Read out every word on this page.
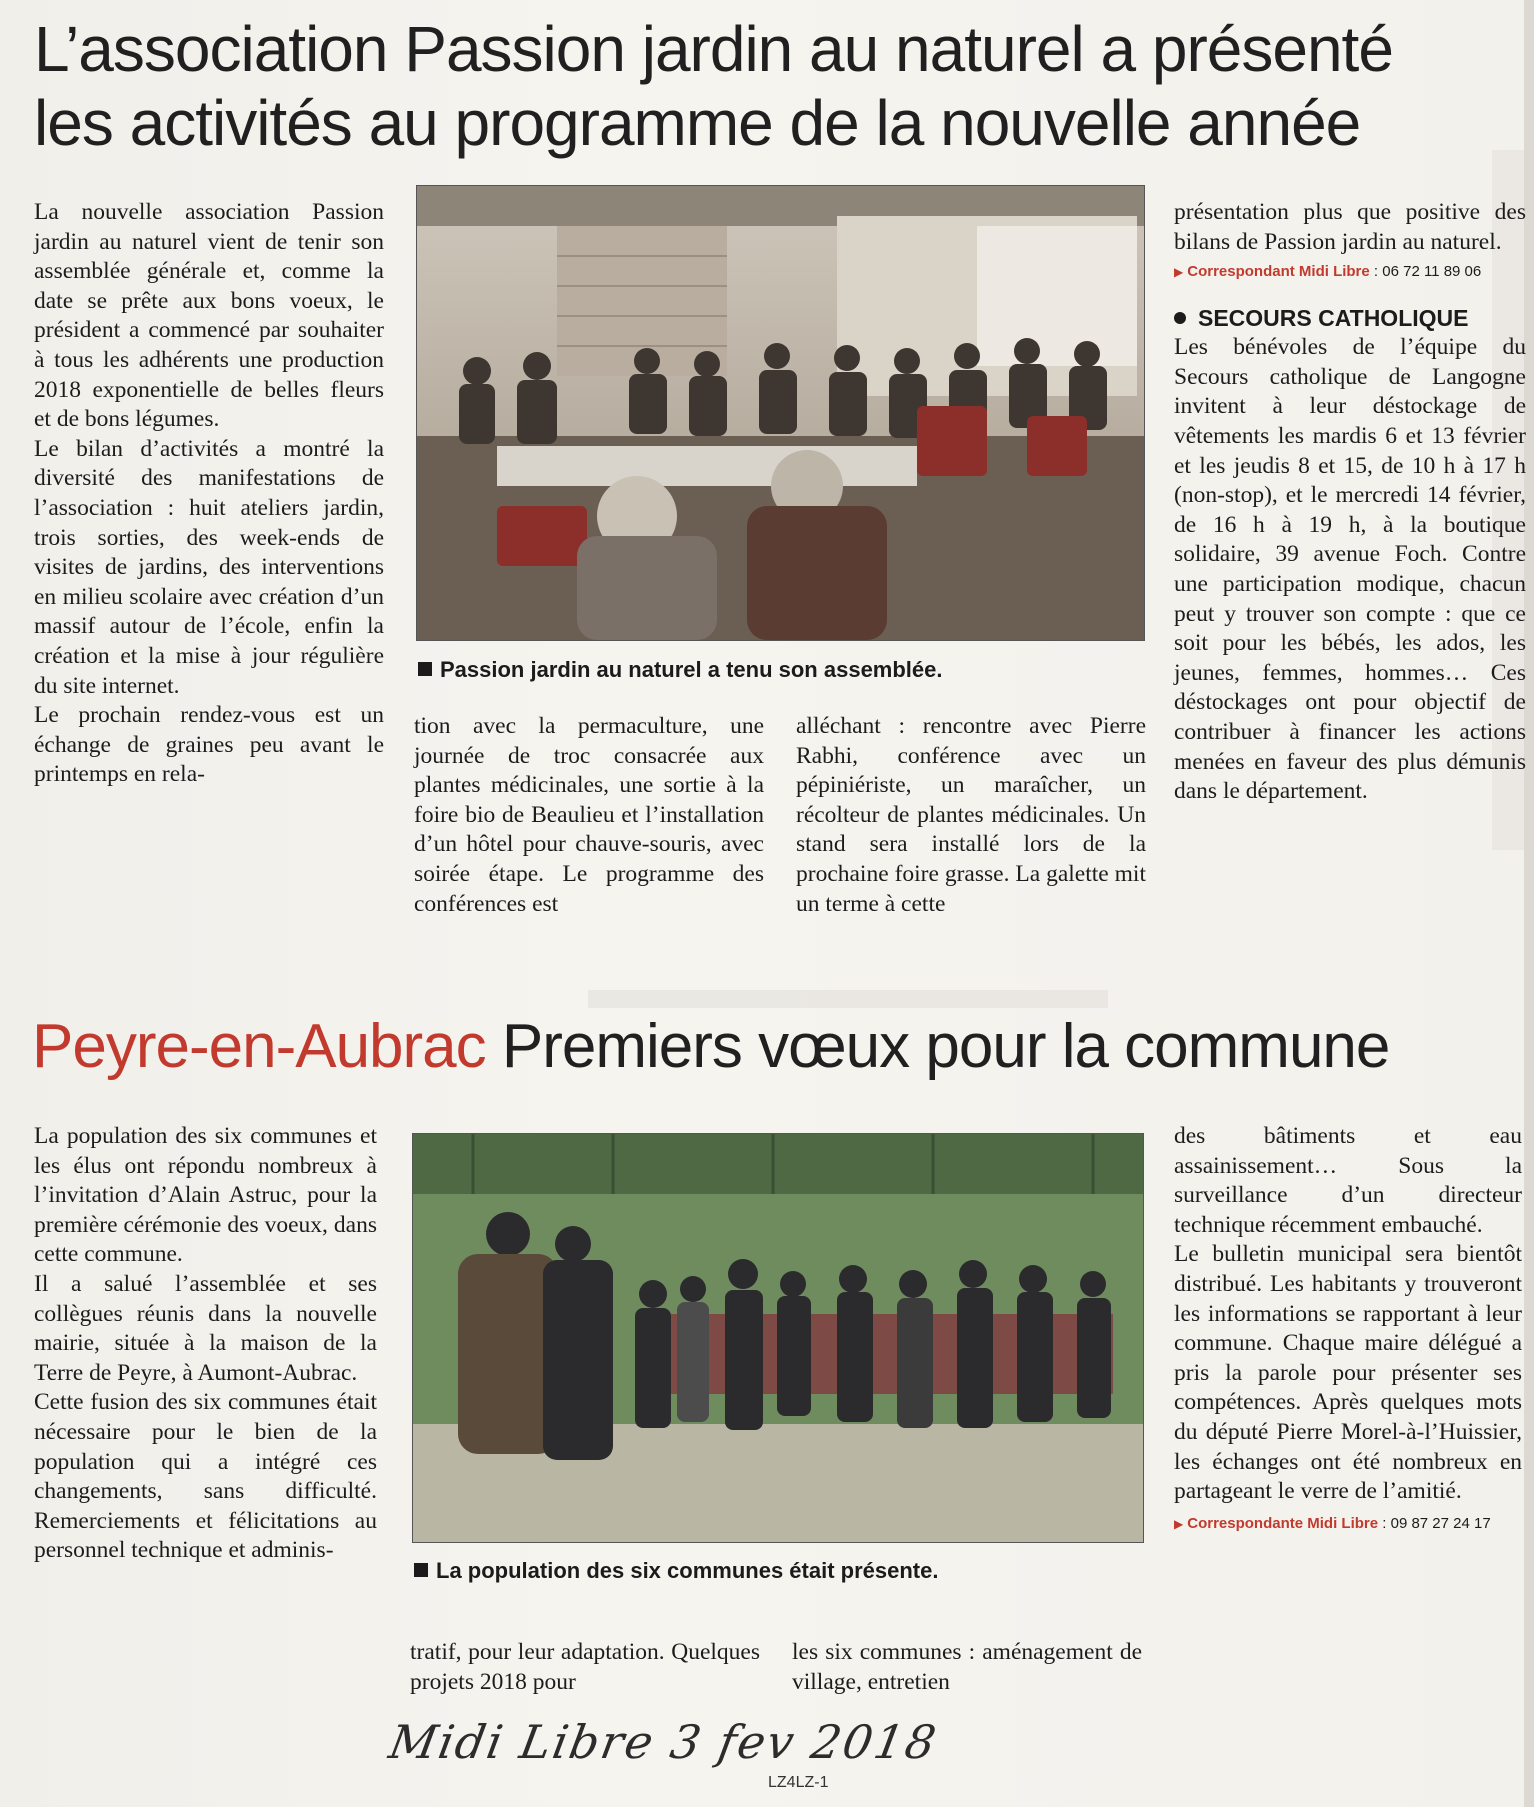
L’association Passion jardin au naturel a présenté
les activités au programme de la nouvelle année

La nouvelle association Passion jardin au naturel vient de tenir son assemblée générale et, comme la date se prête aux bons voeux, le président a commencé par souhaiter à tous les adhérents une production 2018 exponentielle de belles fleurs et de bons légumes.

Le bilan d’activités a montré la diversité des manifestations de l’association : huit ateliers jardin, trois sorties, des week-ends de visites de jardins, des interventions en milieu scolaire avec création d’un massif autour de l’école, enfin la création et la mise à jour régulière du site internet.

Le prochain rendez-vous est un échange de graines peu avant le printemps en rela-

Passion jardin au naturel a tenu son assemblée.

tion avec la permaculture, une journée de troc consacrée aux plantes médicinales, une sortie à la foire bio de Beaulieu et l’installation d’un hôtel pour chauve-souris, avec soirée étape. Le programme des conférences est

alléchant : rencontre avec Pierre Rabhi, conférence avec un pépiniériste, un maraîcher, un récolteur de plantes médicinales. Un stand sera installé lors de la prochaine foire grasse. La galette mit un terme à cette

présentation plus que positive des bilans de Passion jardin au naturel.

▶ Correspondant Midi Libre : 06 72 11 89 06
SECOURS CATHOLIQUE

Les bénévoles de l’équipe du Secours catholique de Langogne invitent à leur déstockage de vêtements les mardis 6 et 13 février et les jeudis 8 et 15, de 10 h à 17 h (non-stop), et le mercredi 14 février, de 16 h à 19 h, à la boutique solidaire, 39 avenue Foch. Contre une participation modique, chacun peut y trouver son compte : que ce soit pour les bébés, les ados, les jeunes, femmes, hommes… Ces déstockages ont pour objectif de contribuer à financer les actions menées en faveur des plus démunis dans le département.

Peyre-en-Aubrac Premiers vœux pour la commune

La population des six communes et les élus ont répondu nombreux à l’invitation d’Alain Astruc, pour la première cérémonie des voeux, dans cette commune.

Il a salué l’assemblée et ses collègues réunis dans la nouvelle mairie, située à la maison de la Terre de Peyre, à Aumont-Aubrac.

Cette fusion des six communes était nécessaire pour le bien de la population qui a intégré ces changements, sans difficulté. Remerciements et félicitations au personnel technique et adminis-

La population des six communes était présente.

tratif, pour leur adaptation. Quelques projets 2018 pour

les six communes : aménagement de village, entretien

des bâtiments et eau assainissement… Sous la surveillance d’un directeur technique récemment embauché.

Le bulletin municipal sera bientôt distribué. Les habitants y trouveront les informations se rapportant à leur commune. Chaque maire délégué a pris la parole pour présenter ses compétences. Après quelques mots du député Pierre Morel-à-l’Huissier, les échanges ont été nombreux en partageant le verre de l’amitié.

▶ Correspondante Midi Libre : 09 87 27 24 17
Midi Libre 3 fev 2018
LZ4LZ-1
